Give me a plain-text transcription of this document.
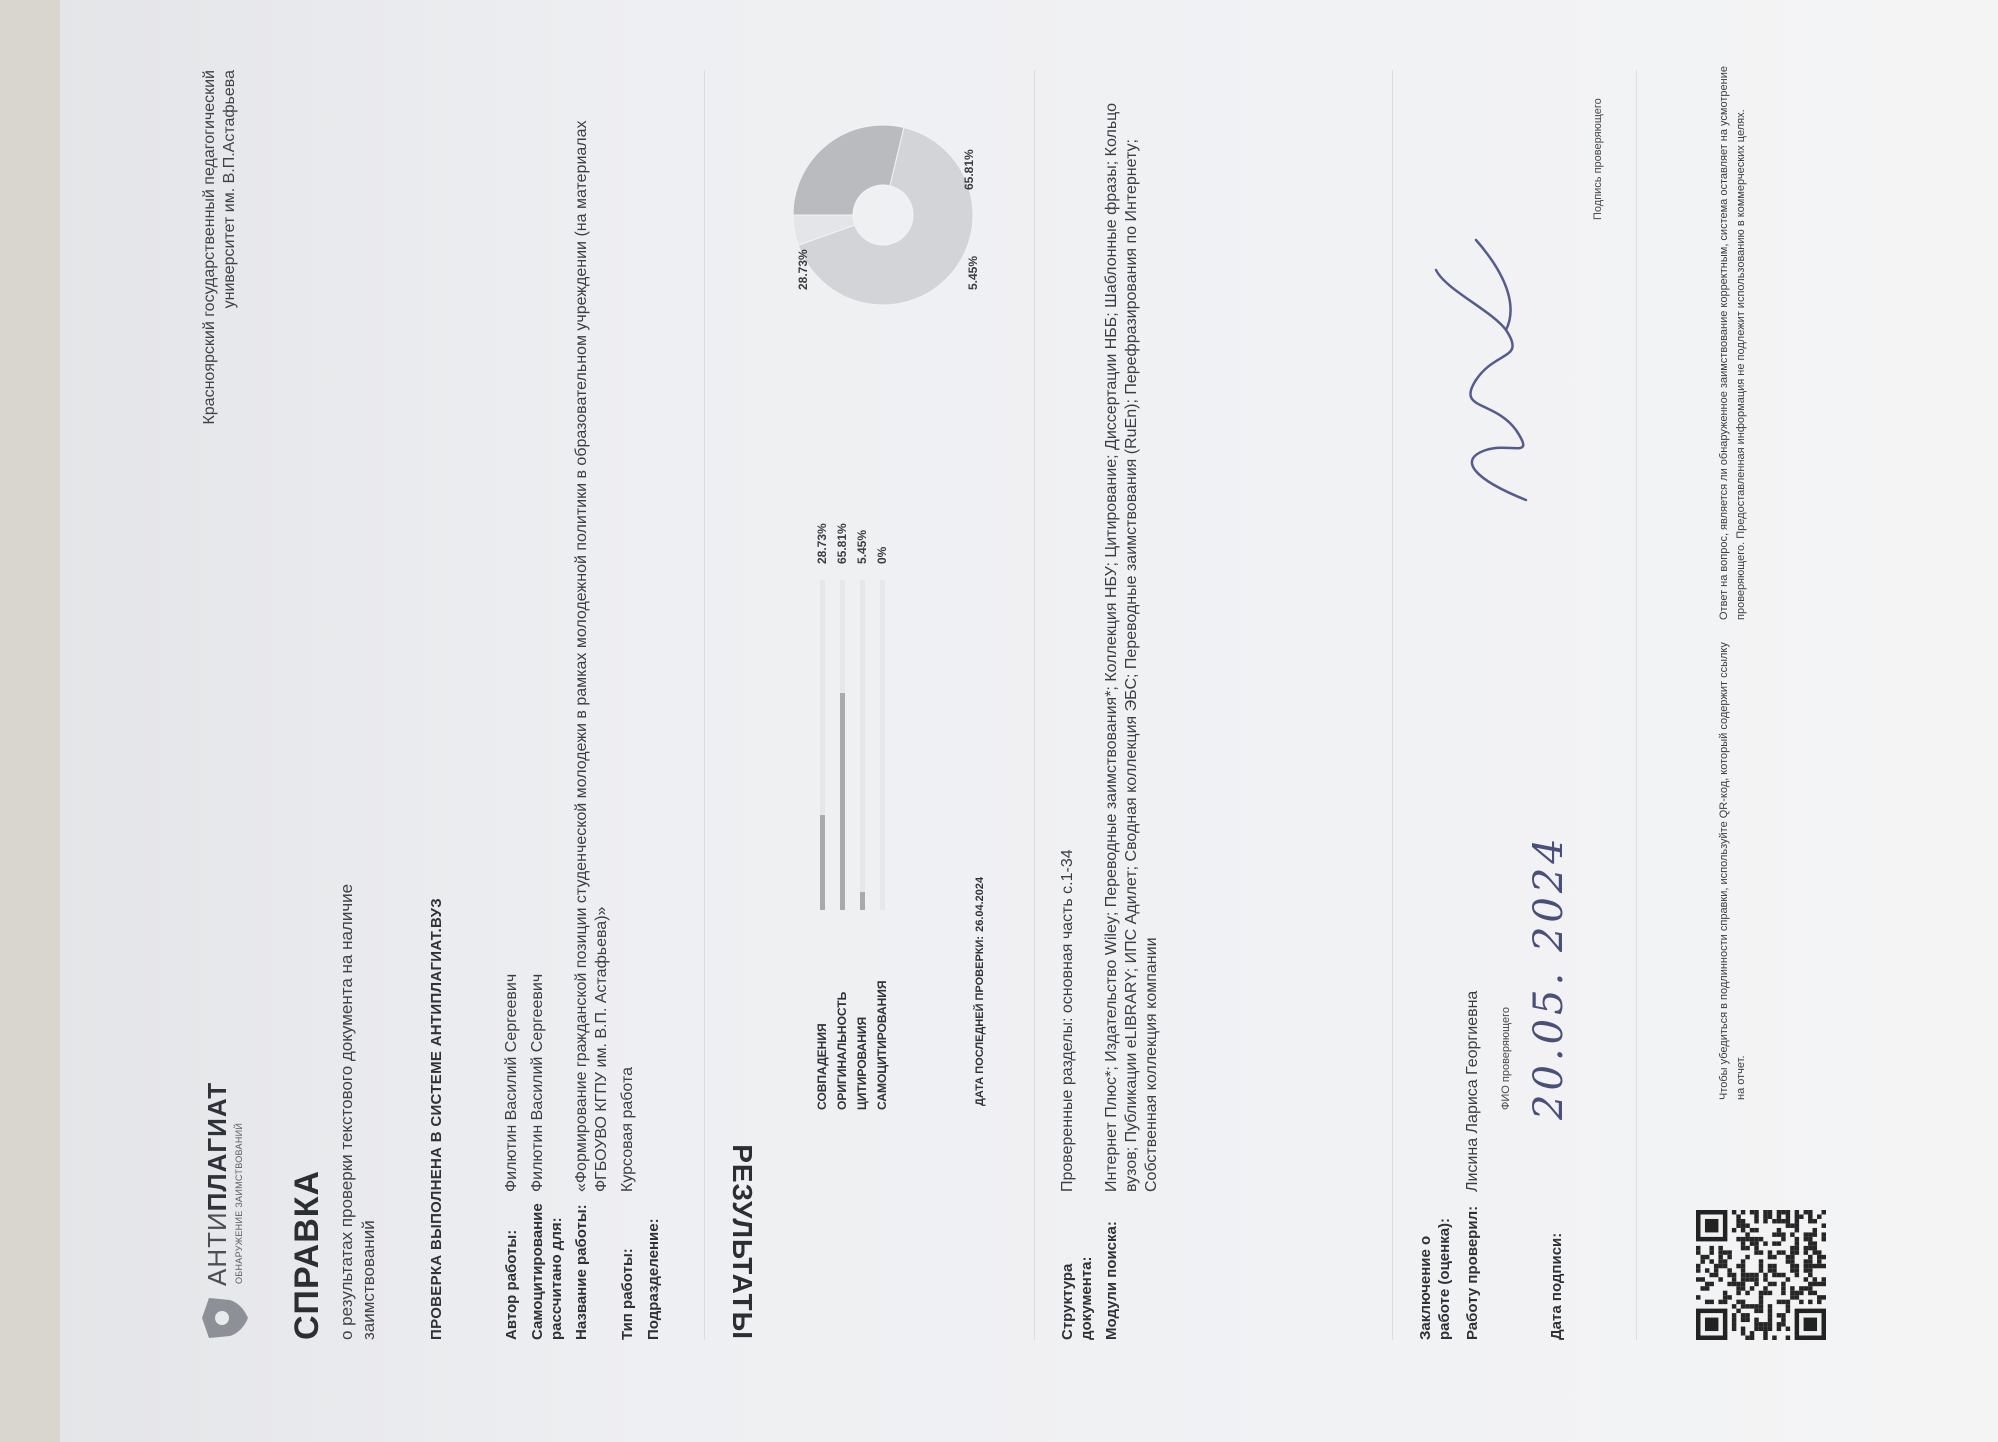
АНТИПЛАГИАТ ОБНАРУЖЕНИЕ ЗАИМСТВОВАНИЙ СПРАВКА о результатах проверки текстового документа на наличие заимствований
Красноярский государственный педагогический университет им. В.П.Астафьева
ПРОВЕРКА ВЫПОЛНЕНА В СИСТЕМЕ АНТИПЛАГИАТ.ВУЗ	Автор работы:
Филютин Василий Сергеевич
Самоцитирование рассчитано для:
Филютин Василий Сергеевич
Название работы:
«Формирование гражданской позиции студенческой молодежи в рамках молодежной политики в образовательном учреждении (на материалах ФГБОУВО КГПУ им. В.П. Астафьева)»
Тип работы:
Курсовая работа
Подразделение: РЕЗУЛЬТАТЫ
СОВПАДЕНИЯ
28.73%
ОРИГИНАЛЬНОСТЬ
65.81%
ЦИТИРОВАНИЯ
5.45%
САМОЦИТИРОВАНИЯ
0%
ДАТА ПОСЛЕДНЕЙ ПРОВЕРКИ:26.04.2024
28.73%
65.81%
5.45%
Структура документа:
Проверенные разделы: основная часть с.1-34
Модули поиска:
Интернет Плюс*; Издательство Wiley; Переводные заимствования*; Коллекция НБУ; Цитирование; Диссертации НББ; Шаблонные фразы; Кольцо вузов; Публикации eLIBRARY; ИПС Адилет; Сводная коллекция ЭБС; Переводные заимствования (RuEn); Перефразирования по Интернету; Собственная коллекция компании
Заключение о работе (оценка): Работу проверил:
Лисина Лариса Георгиевна ФИО проверяющего
Дата подписи:
20.05. 2024
Подпись проверяющего
Чтобы убедиться в подлинности справки, используйте QR-код, который содержит ссылку на отчет.
Ответ на вопрос, является ли обнаруженное заимствование корректным, система оставляет на усмотрение проверяющего. Предоставленная информация не подлежит использованию в коммерческих целях.
